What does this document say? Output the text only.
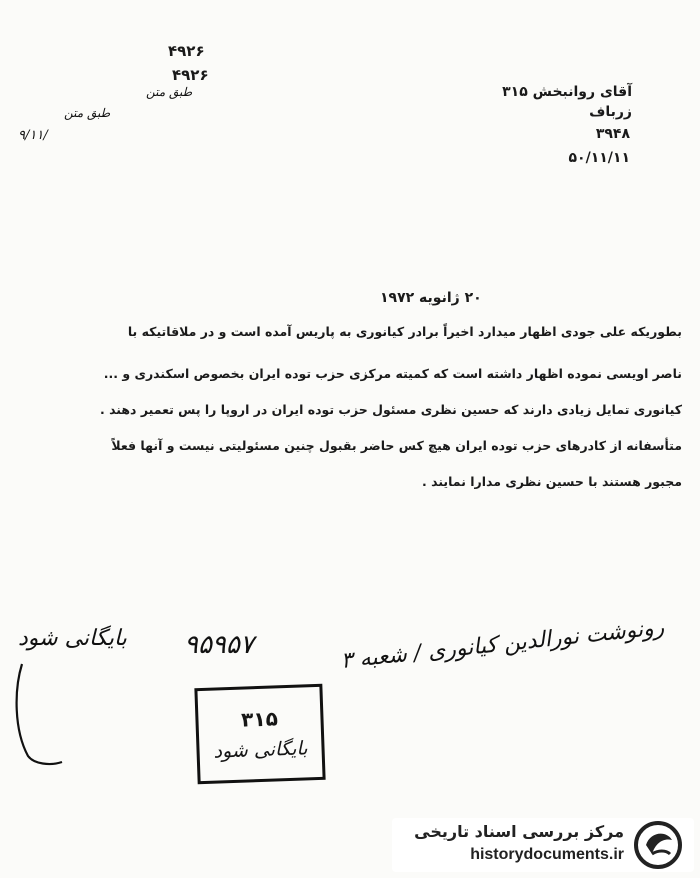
۴۹۲۶
۴۹۲۶
طبق متن
طبق متن
۹/۱۱/
آقای روانبخش ۳۱۵
زرباف
۳۹۴۸
۵۰/۱۱/۱۱
۲۰ ژانویه ۱۹۷۲
بطوریکه علی جودی اظهار میدارد اخیراً برادر کیانوری به پاریس آمده است و در ملاقاتیکه با
ناصر اویسی نموده اظهار داشته است که کمیته مرکزی حزب توده ایران بخصوص اسکندری و ...
کیانوری تمایل زیادی دارند که حسین نظری مسئول حزب توده ایران در اروپا را پس تعمیر دهند .
متأسفانه از کادرهای حزب توده ایران هیچ کس حاضر بقبول چنین مسئولیتی نیست و آنها فعلاً
مجبور هستند با حسین نظری مدارا نمایند .
رونوشت نورالدین کیانوری / شعبه ۳
۹۵۹۵۷
بایگانی شود
۳۱۵
بایگانی شود
مرکز بررسی اسناد تاریخی
historydocuments.ir
